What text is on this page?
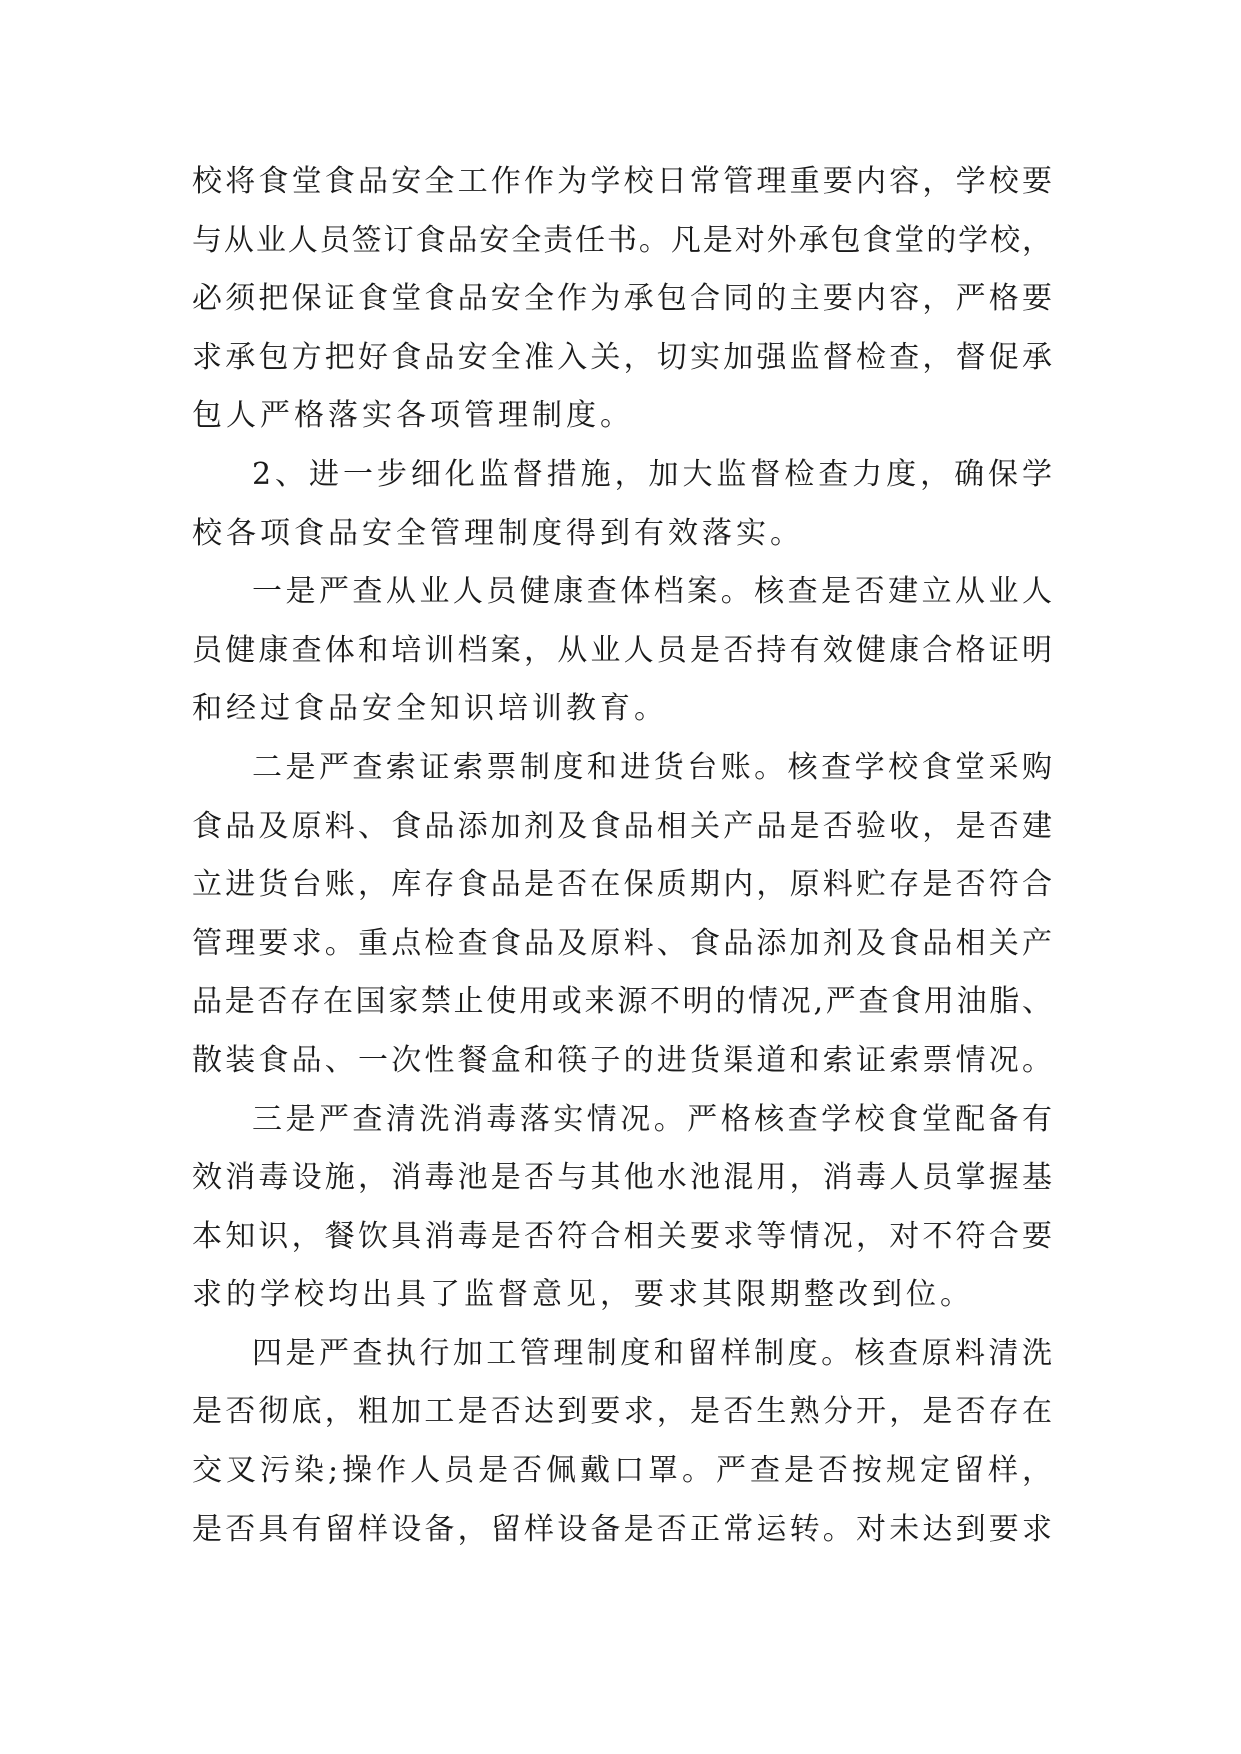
校将食堂食品安全工作作为学校日常管理重要内容，学校要
与从业人员签订食品安全责任书。凡是对外承包食堂的学校，
必须把保证食堂食品安全作为承包合同的主要内容，严格要
求承包方把好食品安全准入关，切实加强监督检查，督促承
包人严格落实各项管理制度。
2、进一步细化监督措施，加大监督检查力度，确保学
校各项食品安全管理制度得到有效落实。
一是严查从业人员健康查体档案。核查是否建立从业人
员健康查体和培训档案，从业人员是否持有效健康合格证明
和经过食品安全知识培训教育。
二是严查索证索票制度和进货台账。核查学校食堂采购
食品及原料、食品添加剂及食品相关产品是否验收，是否建
立进货台账，库存食品是否在保质期内，原料贮存是否符合
管理要求。重点检查食品及原料、食品添加剂及食品相关产
品是否存在国家禁止使用或来源不明的情况,严查食用油脂、
散装食品、一次性餐盒和筷子的进货渠道和索证索票情况。
三是严查清洗消毒落实情况。严格核查学校食堂配备有
效消毒设施，消毒池是否与其他水池混用，消毒人员掌握基
本知识，餐饮具消毒是否符合相关要求等情况，对不符合要
求的学校均出具了监督意见，要求其限期整改到位。
四是严查执行加工管理制度和留样制度。核查原料清洗
是否彻底，粗加工是否达到要求，是否生熟分开，是否存在
交叉污染;操作人员是否佩戴口罩。严查是否按规定留样，
是否具有留样设备，留样设备是否正常运转。对未达到要求
